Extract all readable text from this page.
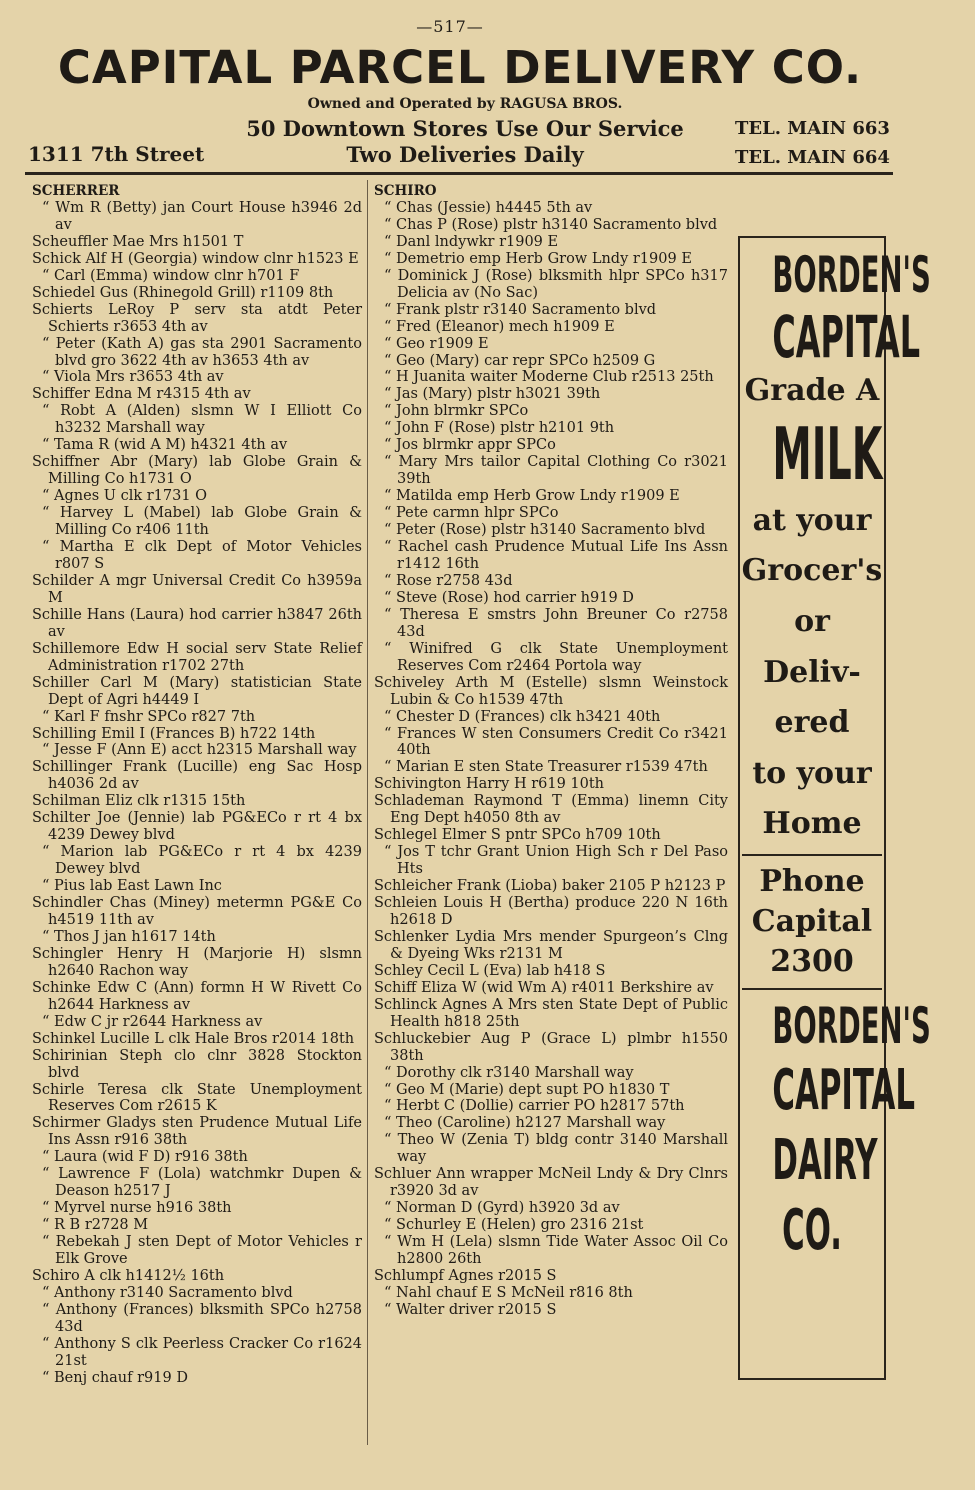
—517—
CAPITAL PARCEL DELIVERY CO.
Owned and Operated by RAGUSA BROS.
50 Downtown Stores Use Our Service
Two Deliveries Daily
1311 7th Street
TEL. MAIN 663
TEL. MAIN 664
SCHERRER
“ Wm R (Betty) jan Court House h3946 2d av
Scheuffler Mae Mrs h1501 T
Schick Alf H (Georgia) window clnr h1523 E
“ Carl (Emma) window clnr h701 F
Schiedel Gus (Rhinegold Grill) r1109 8th
Schierts LeRoy P serv sta atdt Peter Schierts r3653 4th av
“ Peter (Kath A) gas sta 2901 Sacramento blvd gro 3622 4th av h3653 4th av
“ Viola Mrs r3653 4th av
Schiffer Edna M r4315 4th av
“ Robt A (Alden) slsmn W I Elliott Co h3232 Marshall way
“ Tama R (wid A M) h4321 4th av
Schiffner Abr (Mary) lab Globe Grain & Milling Co h1731 O
“ Agnes U clk r1731 O
“ Harvey L (Mabel) lab Globe Grain & Milling Co r406 11th
“ Martha E clk Dept of Motor Vehicles r807 S
Schilder A mgr Universal Credit Co h3959a M
Schille Hans (Laura) hod carrier h3847 26th av
Schillemore Edw H social serv State Relief Administration r1702 27th
Schiller Carl M (Mary) statistician State Dept of Agri h4449 I
“ Karl F fnshr SPCo r827 7th
Schilling Emil I (Frances B) h722 14th
“ Jesse F (Ann E) acct h2315 Marshall way
Schillinger Frank (Lucille) eng Sac Hosp h4036 2d av
Schilman Eliz clk r1315 15th
Schilter Joe (Jennie) lab PG&ECo r rt 4 bx 4239 Dewey blvd
“ Marion lab PG&ECo r rt 4 bx 4239 Dewey blvd
“ Pius lab East Lawn Inc
Schindler Chas (Miney) metermn PG&E Co h4519 11th av
“ Thos J jan h1617 14th
Schingler Henry H (Marjorie H) slsmn h2640 Rachon way
Schinke Edw C (Ann) formn H W Rivett Co h2644 Harkness av
“ Edw C jr r2644 Harkness av
Schinkel Lucille L clk Hale Bros r2014 18th
Schirinian Steph clo clnr 3828 Stockton blvd
Schirle Teresa clk State Unemployment Reserves Com r2615 K
Schirmer Gladys sten Prudence Mutual Life Ins Assn r916 38th
“ Laura (wid F D) r916 38th
“ Lawrence F (Lola) watchmkr Dupen & Deason h2517 J
“ Myrvel nurse h916 38th
“ R B r2728 M
“ Rebekah J sten Dept of Motor Vehicles r Elk Grove
Schiro A clk h1412½ 16th
“ Anthony r3140 Sacramento blvd
“ Anthony (Frances) blksmith SPCo h2758 43d
“ Anthony S clk Peerless Cracker Co r1624 21st
“ Benj chauf r919 D
SCHIRO
“ Chas (Jessie) h4445 5th av
“ Chas P (Rose) plstr h3140 Sacramento blvd
“ Danl lndywkr r1909 E
“ Demetrio emp Herb Grow Lndy r1909 E
“ Dominick J (Rose) blksmith hlpr SPCo h317 Delicia av (No Sac)
“ Frank plstr r3140 Sacramento blvd
“ Fred (Eleanor) mech h1909 E
“ Geo r1909 E
“ Geo (Mary) car repr SPCo h2509 G
“ H Juanita waiter Moderne Club r2513 25th
“ Jas (Mary) plstr h3021 39th
“ John blrmkr SPCo
“ John F (Rose) plstr h2101 9th
“ Jos blrmkr appr SPCo
“ Mary Mrs tailor Capital Clothing Co r3021 39th
“ Matilda emp Herb Grow Lndy r1909 E
“ Pete carmn hlpr SPCo
“ Peter (Rose) plstr h3140 Sacramento blvd
“ Rachel cash Prudence Mutual Life Ins Assn r1412 16th
“ Rose r2758 43d
“ Steve (Rose) hod carrier h919 D
“ Theresa E smstrs John Breuner Co r2758 43d
“ Winifred G clk State Unemployment Reserves Com r2464 Portola way
Schiveley Arth M (Estelle) slsmn Weinstock Lubin & Co h1539 47th
“ Chester D (Frances) clk h3421 40th
“ Frances W sten Consumers Credit Co r3421 40th
“ Marian E sten State Treasurer r1539 47th
Schivington Harry H r619 10th
Schlademan Raymond T (Emma) linemn City Eng Dept h4050 8th av
Schlegel Elmer S pntr SPCo h709 10th
“ Jos T tchr Grant Union High Sch r Del Paso Hts
Schleicher Frank (Lioba) baker 2105 P h2123 P
Schleien Louis H (Bertha) produce 220 N 16th h2618 D
Schlenker Lydia Mrs mender Spurgeon’s Clng & Dyeing Wks r2131 M
Schley Cecil L (Eva) lab h418 S
Schiff Eliza W (wid Wm A) r4011 Berkshire av
Schlinck Agnes A Mrs sten State Dept of Public Health h818 25th
Schluckebier Aug P (Grace L) plmbr h1550 38th
“ Dorothy clk r3140 Marshall way
“ Geo M (Marie) dept supt PO h1830 T
“ Herbt C (Dollie) carrier PO h2817 57th
“ Theo (Caroline) h2127 Marshall way
“ Theo W (Zenia T) bldg contr 3140 Marshall way
Schluer Ann wrapper McNeil Lndy & Dry Clnrs r3920 3d av
“ Norman D (Gyrd) h3920 3d av
“ Schurley E (Helen) gro 2316 21st
“ Wm H (Lela) slsmn Tide Water Assoc Oil Co h2800 26th
Schlumpf Agnes r2015 S
“ Nahl chauf E S McNeil r816 8th
“ Walter driver r2015 S
BORDEN'S
CAPITAL
Grade A
MILK
at your
Grocer's
or
Deliv-
ered
to your
Home
Phone
Capital
2300
BORDEN'S
CAPITAL
DAIRY
CO.
